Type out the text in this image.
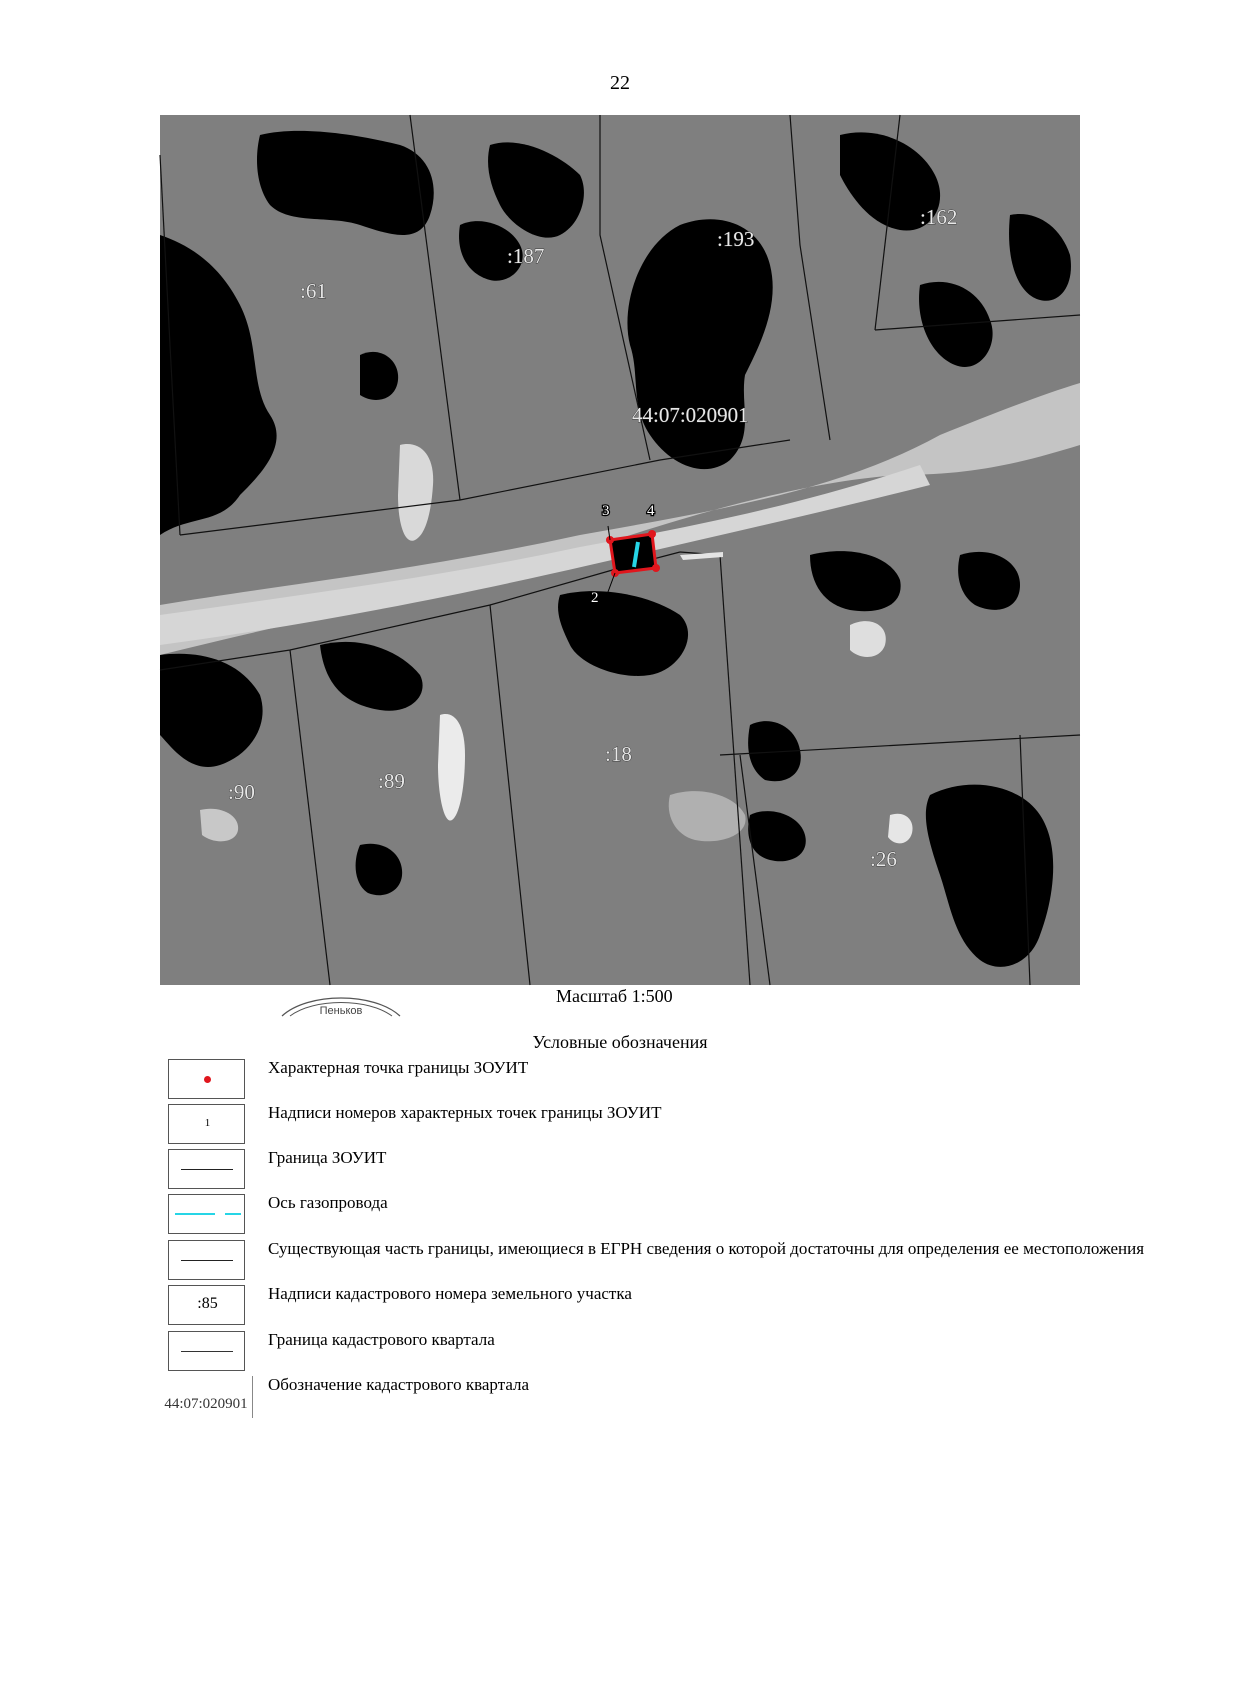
22
:61
:187
:193
:162
:89
:18
:90
:26
44:07:020901
3	4
2
Пеньков
Масштаб 1:500
Условные обозначения
Характерная точка границы ЗОУИТ
1
Надписи номеров характерных точек границы ЗОУИТ
Граница ЗОУИТ
Ось газопровода
Существующая часть границы, имеющиеся в ЕГРН сведения о которой достаточны для определения ее местоположения
:85
Надписи кадастрового номера земельного участка
Граница кадастрового квартала
44:07:020901
Обозначение кадастрового квартала
